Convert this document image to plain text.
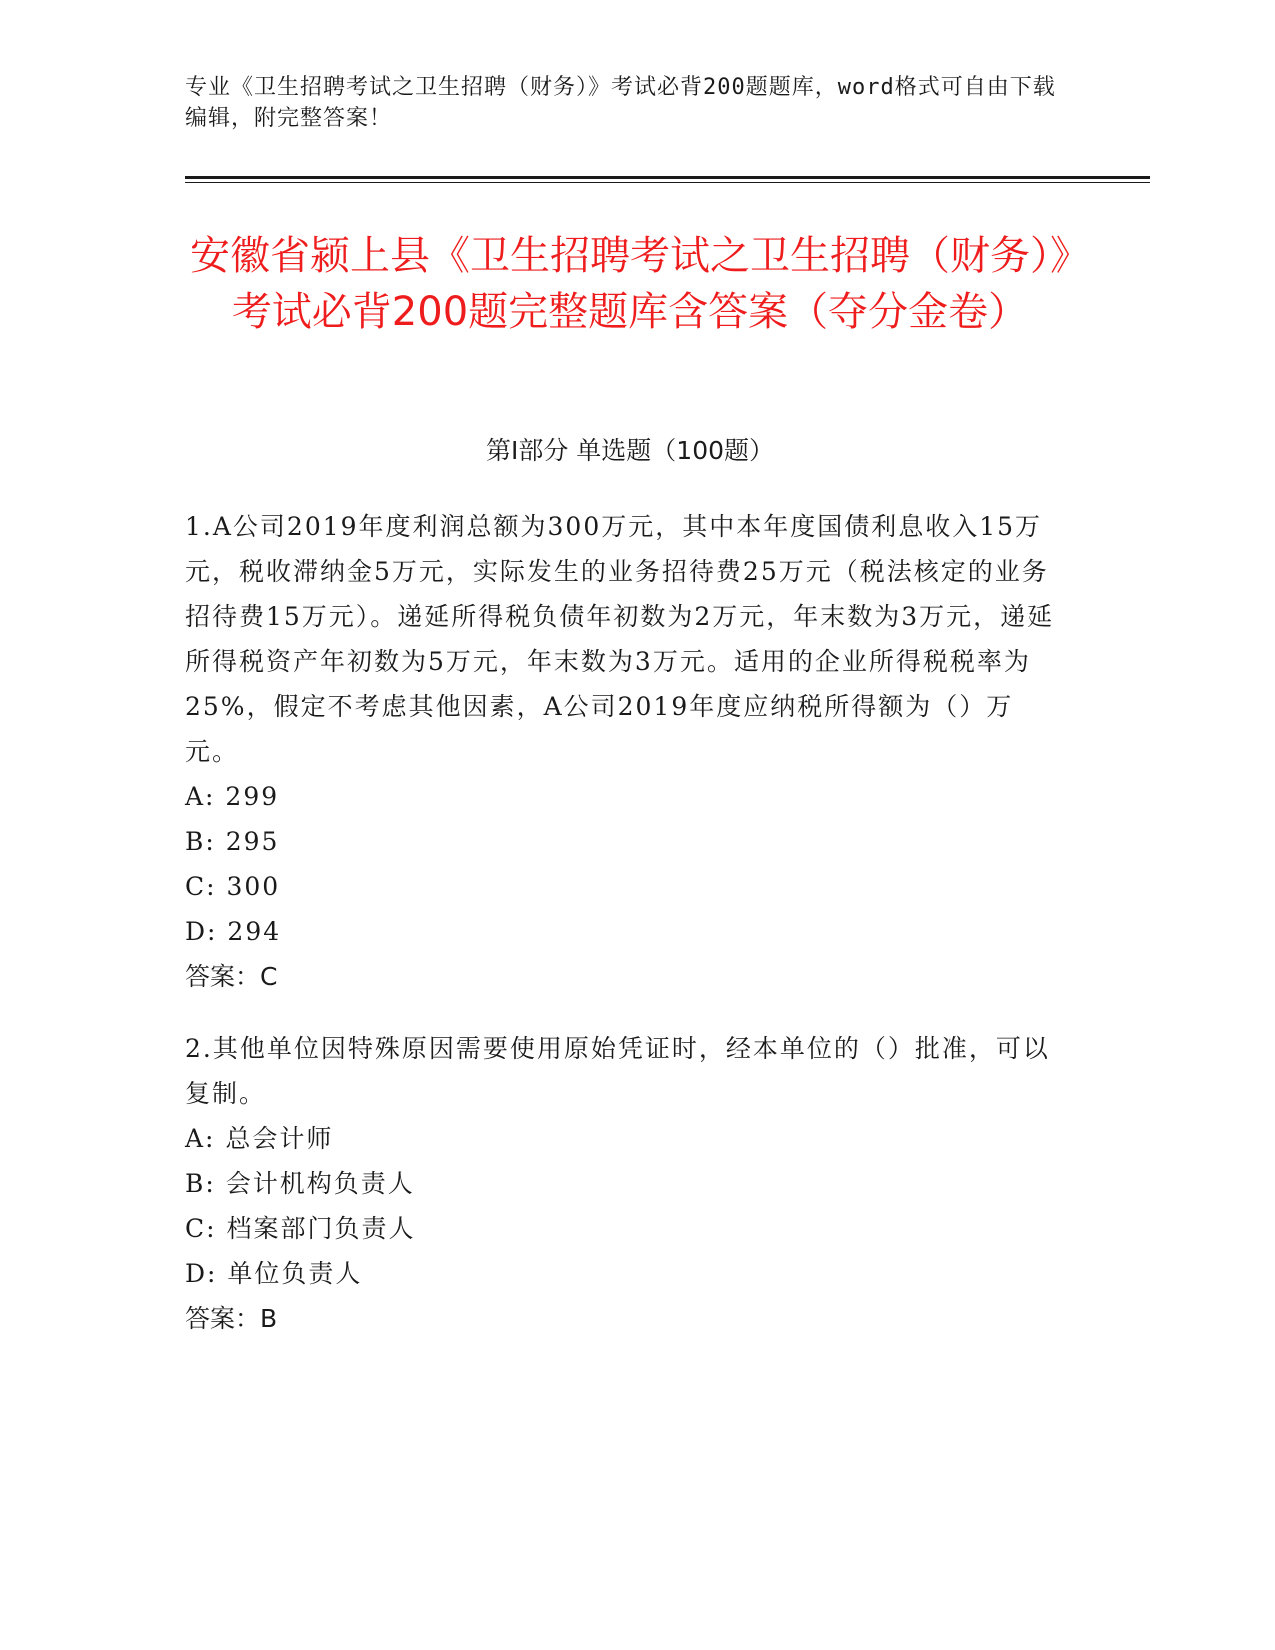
专业《卫生招聘考试之卫生招聘（财务）》考试必背200题题库，word格式可自由下载编辑，附完整答案！
安徽省颍上县《卫生招聘考试之卫生招聘（财务）》考试必背200题完整题库含答案（夺分金卷）
第I部分 单选题（100题）

1.A公司2019年度利润总额为300万元，其中本年度国债利息收入15万元，税收滞纳金5万元，实际发生的业务招待费25万元（税法核定的业务招待费15万元）。递延所得税负债年初数为2万元，年末数为3万元，递延所得税资产年初数为5万元，年末数为3万元。适用的企业所得税税率为25%，假定不考虑其他因素，A公司2019年度应纳税所得额为（）万元。

A: 299

B: 295

C: 300

D: 294

答案：C

2.其他单位因特殊原因需要使用原始凭证时，经本单位的（）批准，可以复制。

A: 总会计师

B: 会计机构负责人

C: 档案部门负责人

D: 单位负责人

答案：B
